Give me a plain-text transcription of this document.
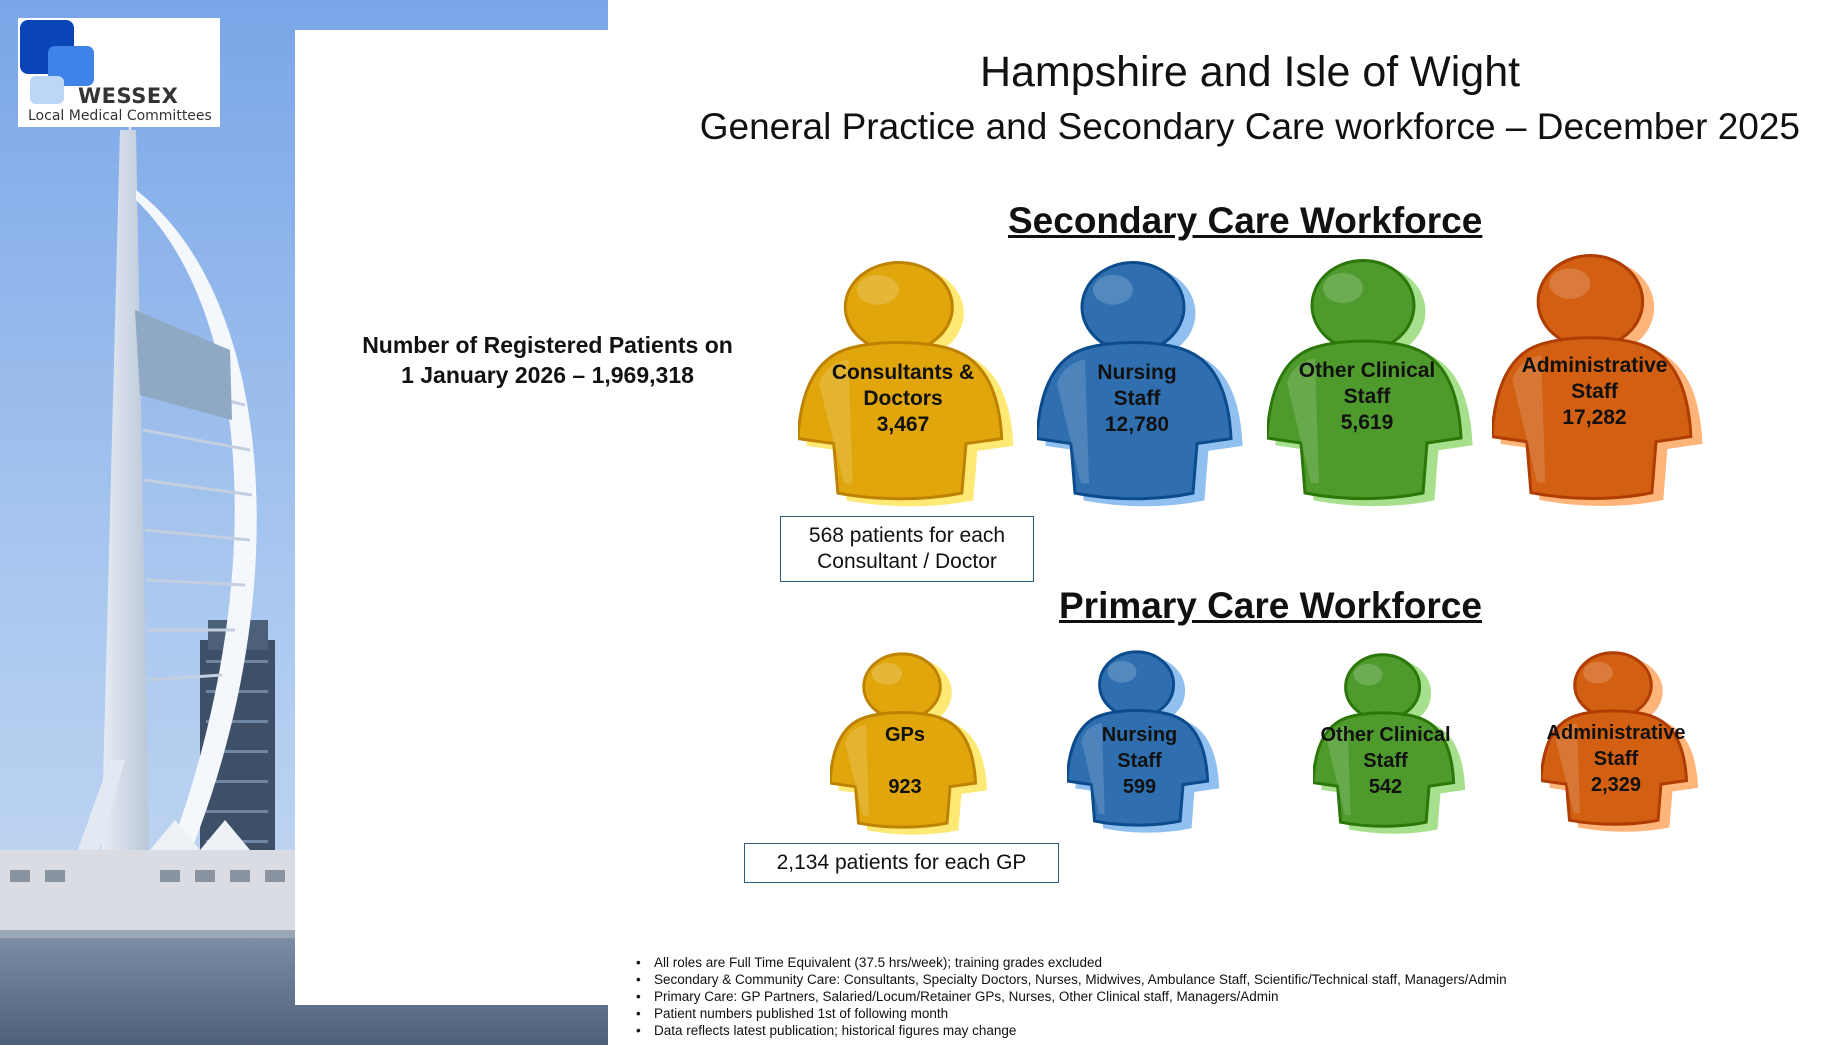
WESSEX
Local Medical Committees
Hampshire and Isle of Wight
General Practice and Secondary Care workforce – December 2025
Number of Registered Patients on
1 January 2026 – 1,969,318
Secondary Care Workforce
Consultants &
Doctors
3,467
Nursing
Staff
12,780
Other Clinical
Staff
5,619
Administrative
Staff
17,282
568 patients for each
Consultant / Doctor
Primary Care Workforce
GPs

923
Nursing
Staff
599
Other Clinical
Staff
542
Administrative
Staff
2,329
2,134 patients for each GP
• All roles are Full Time Equivalent (37.5 hrs/week); training grades excluded
• Secondary & Community Care: Consultants, Specialty Doctors, Nurses, Midwives, Ambulance Staff, Scientific/Technical staff, Managers/Admin
• Primary Care: GP Partners, Salaried/Locum/Retainer GPs, Nurses, Other Clinical staff, Managers/Admin
• Patient numbers published 1st of following month
• Data reflects latest publication; historical figures may change
